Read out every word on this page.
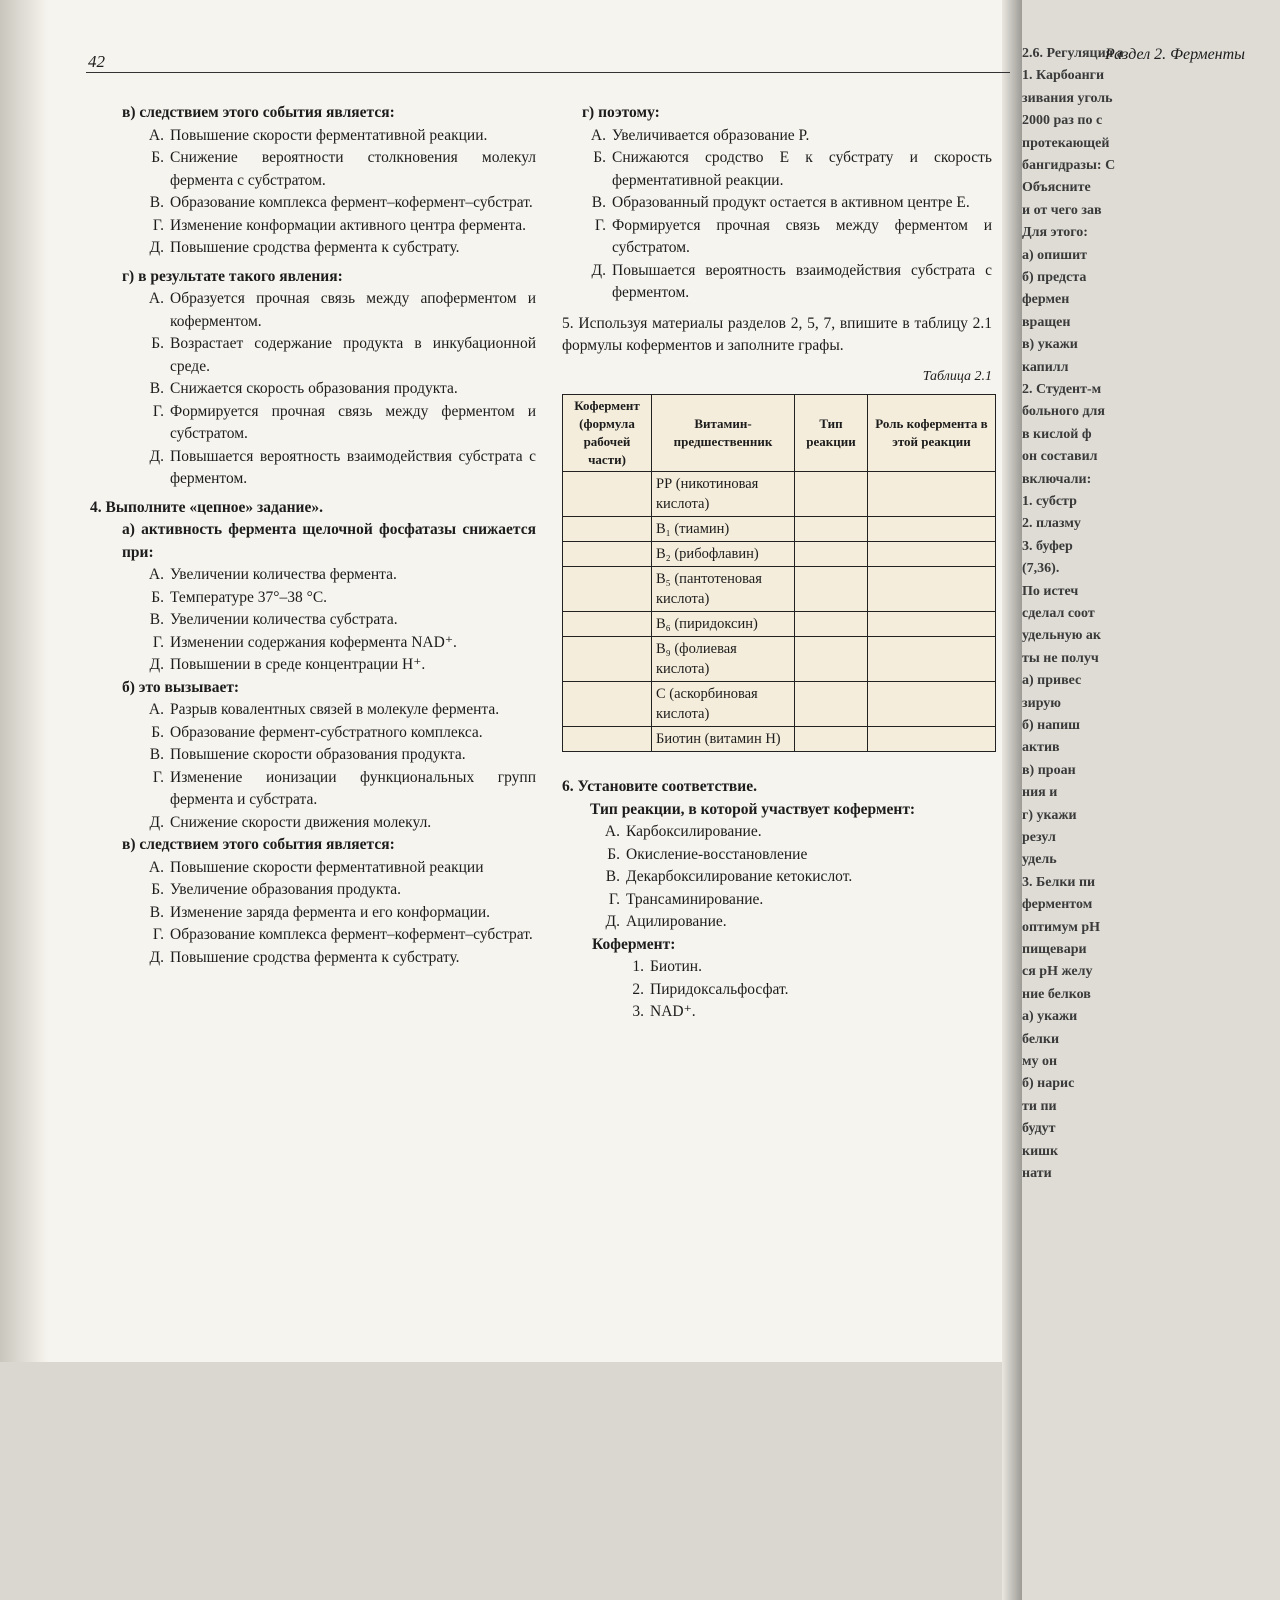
2.6. Регуляция а
1. Карбоанги
зивания уголь
2000 раз по с
протекающей
бангидразы: С
Объясните
и от чего зав
Для этого:
а) опишит
б) предста
фермен
вращен
в) укажи
капилл
2. Студент-м
больного для
в кислой ф
он составил
включали:
1. субстр
2. плазму
3. буфер
(7,36).
По истеч
сделал соот
удельную ак
ты не получ
а) привес
зирую
б) напиш
актив
в) проан
ния и
г) укажи
резул
удель
3. Белки пи
ферментом
оптимум рН
пищевари
ся рН желу
ние белков
а) укажи
белки
му он
б) нарис
ти пи
будут
кишк
нати
42	Раздел 2. Ферменты
в) следствием этого события является:
А. Повышение скорости ферментативной реакции.
Б. Снижение вероятности столкновения молекул фермента с субстратом.
В. Образование комплекса фермент–кофермент–субстрат.
Г. Изменение конформации активного центра фермента.
Д. Повышение сродства фермента к субстрату.
г) в результате такого явления:
А. Образуется прочная связь между апоферментом и коферментом.
Б. Возрастает содержание продукта в инкубационной среде.
В. Снижается скорость образования продукта.
Г. Формируется прочная связь между ферментом и субстратом.
Д. Повышается вероятность взаимодействия субстрата с ферментом.
4. Выполните «цепное» задание».
а) активность фермента щелочной фосфатазы снижается при:
А. Увеличении количества фермента.
Б. Температуре 37°–38 °С.
В. Увеличении количества субстрата.
Г. Изменении содержания кофермента NAD⁺.
Д. Повышении в среде концентрации H⁺.
б) это вызывает:
А. Разрыв ковалентных связей в молекуле фермента.
Б. Образование фермент-субстратного комплекса.
В. Повышение скорости образования продукта.
Г. Изменение ионизации функциональных групп фермента и субстрата.
Д. Снижение скорости движения молекул.
в) следствием этого события является:
А. Повышение скорости ферментативной реакции
Б. Увеличение образования продукта.
В. Изменение заряда фермента и его конформации.
Г. Образование комплекса фермент–кофермент–субстрат.
Д. Повышение сродства фермента к субстрату.
г) поэтому:
А. Увеличивается образование P.
Б. Снижаются сродство E к субстрату и скорость ферментативной реакции.
В. Образованный продукт остается в активном центре E.
Г. Формируется прочная связь между ферментом и субстратом.
Д. Повышается вероятность взаимодействия субстрата с ферментом.
5. Используя материалы разделов 2, 5, 7, впишите в таблицу 2.1 формулы коферментов и заполните графы.
Таблица 2.1
Кофермент (формула рабочей части)	Витамин-предшественник	Тип реакции	Роль кофермента в этой реакции
	РР (никотиновая кислота)		
	B₁ (тиамин)		
	B₂ (рибофлавин)		
	B₅ (пантотеновая кислота)		
	B₆ (пиридоксин)		
	B₉ (фолиевая кислота)		
	С (аскорбиновая кислота)		
	Биотин (витамин Н)		
6. Установите соответствие.
Тип реакции, в которой участвует кофермент:
А. Карбоксилирование.
Б. Окисление-восстановление
В. Декарбоксилирование кетокислот.
Г. Трансаминирование.
Д. Ацилирование.
Кофермент:
1. Биотин.
2. Пиридоксальфосфат.
3. NAD⁺.
